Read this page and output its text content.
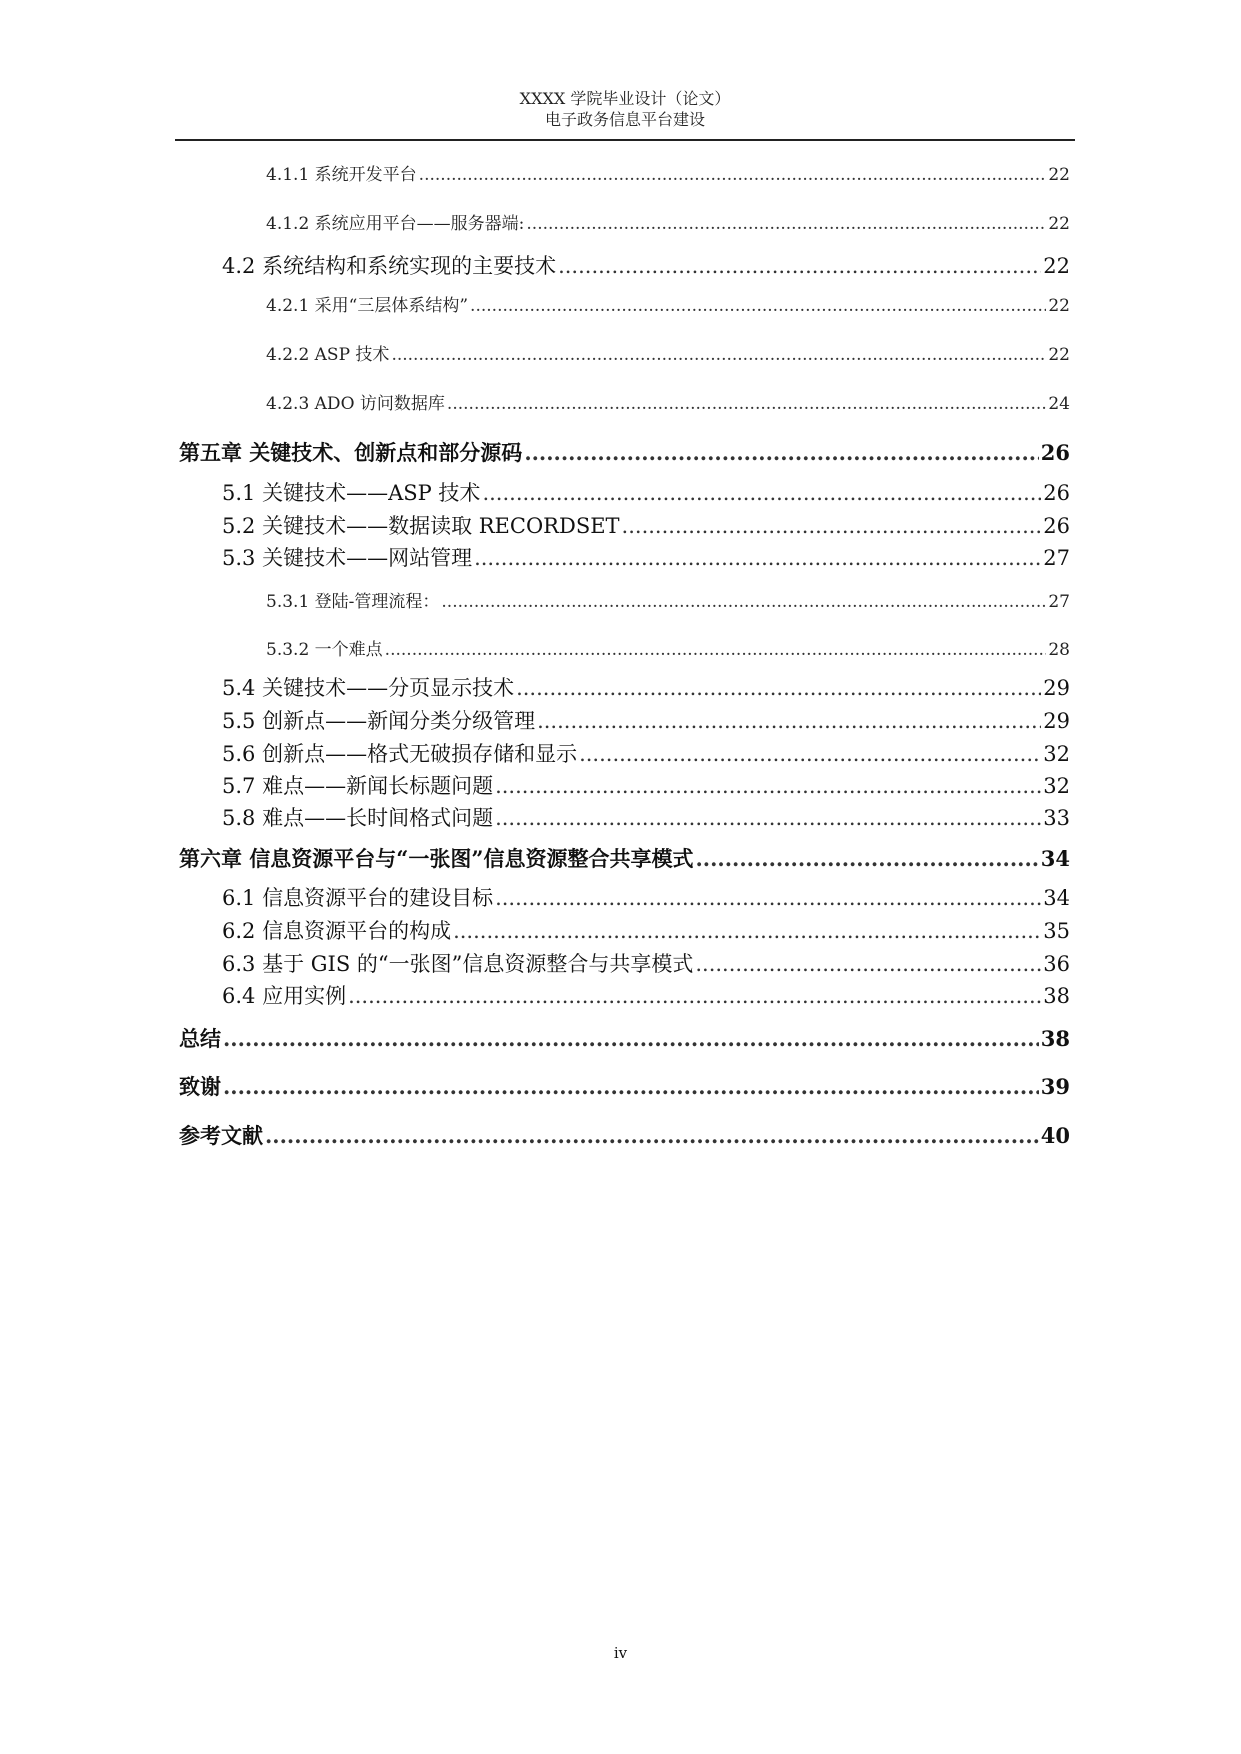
XXXX 学院毕业设计（论文）
电子政务信息平台建设
4.1.1 系统开发平台 .....	22
4.1.2 系统应用平台——服务器端: .....	22
4.2 系统结构和系统实现的主要技术 .....	22
4.2.1 采用“三层体系结构” .....	22
4.2.2 ASP 技术 .....	22
4.2.3 ADO 访问数据库 .....	24
第五章 关键技术、创新点和部分源码 .....	26
5.1 关键技术——ASP 技术 .....	26
5.2 关键技术——数据读取 RECORDSET .....	26
5.3 关键技术——网站管理 .....	27
5.3.1 登陆-管理流程： .....	27
5.3.2 一个难点 .....	28
5.4 关键技术——分页显示技术 .....	29
5.5 创新点——新闻分类分级管理 .....	29
5.6 创新点——格式无破损存储和显示 .....	32
5.7 难点——新闻长标题问题 .....	32
5.8 难点——长时间格式问题 .....	33
第六章 信息资源平台与“一张图”信息资源整合共享模式 .....	34
6.1 信息资源平台的建设目标 .....	34
6.2 信息资源平台的构成 .....	35
6.3 基于 GIS 的“一张图”信息资源整合与共享模式 .....	36
6.4 应用实例 .....	38
总结 .....	38
致谢 .....	39
参考文献 .....	40
iv
